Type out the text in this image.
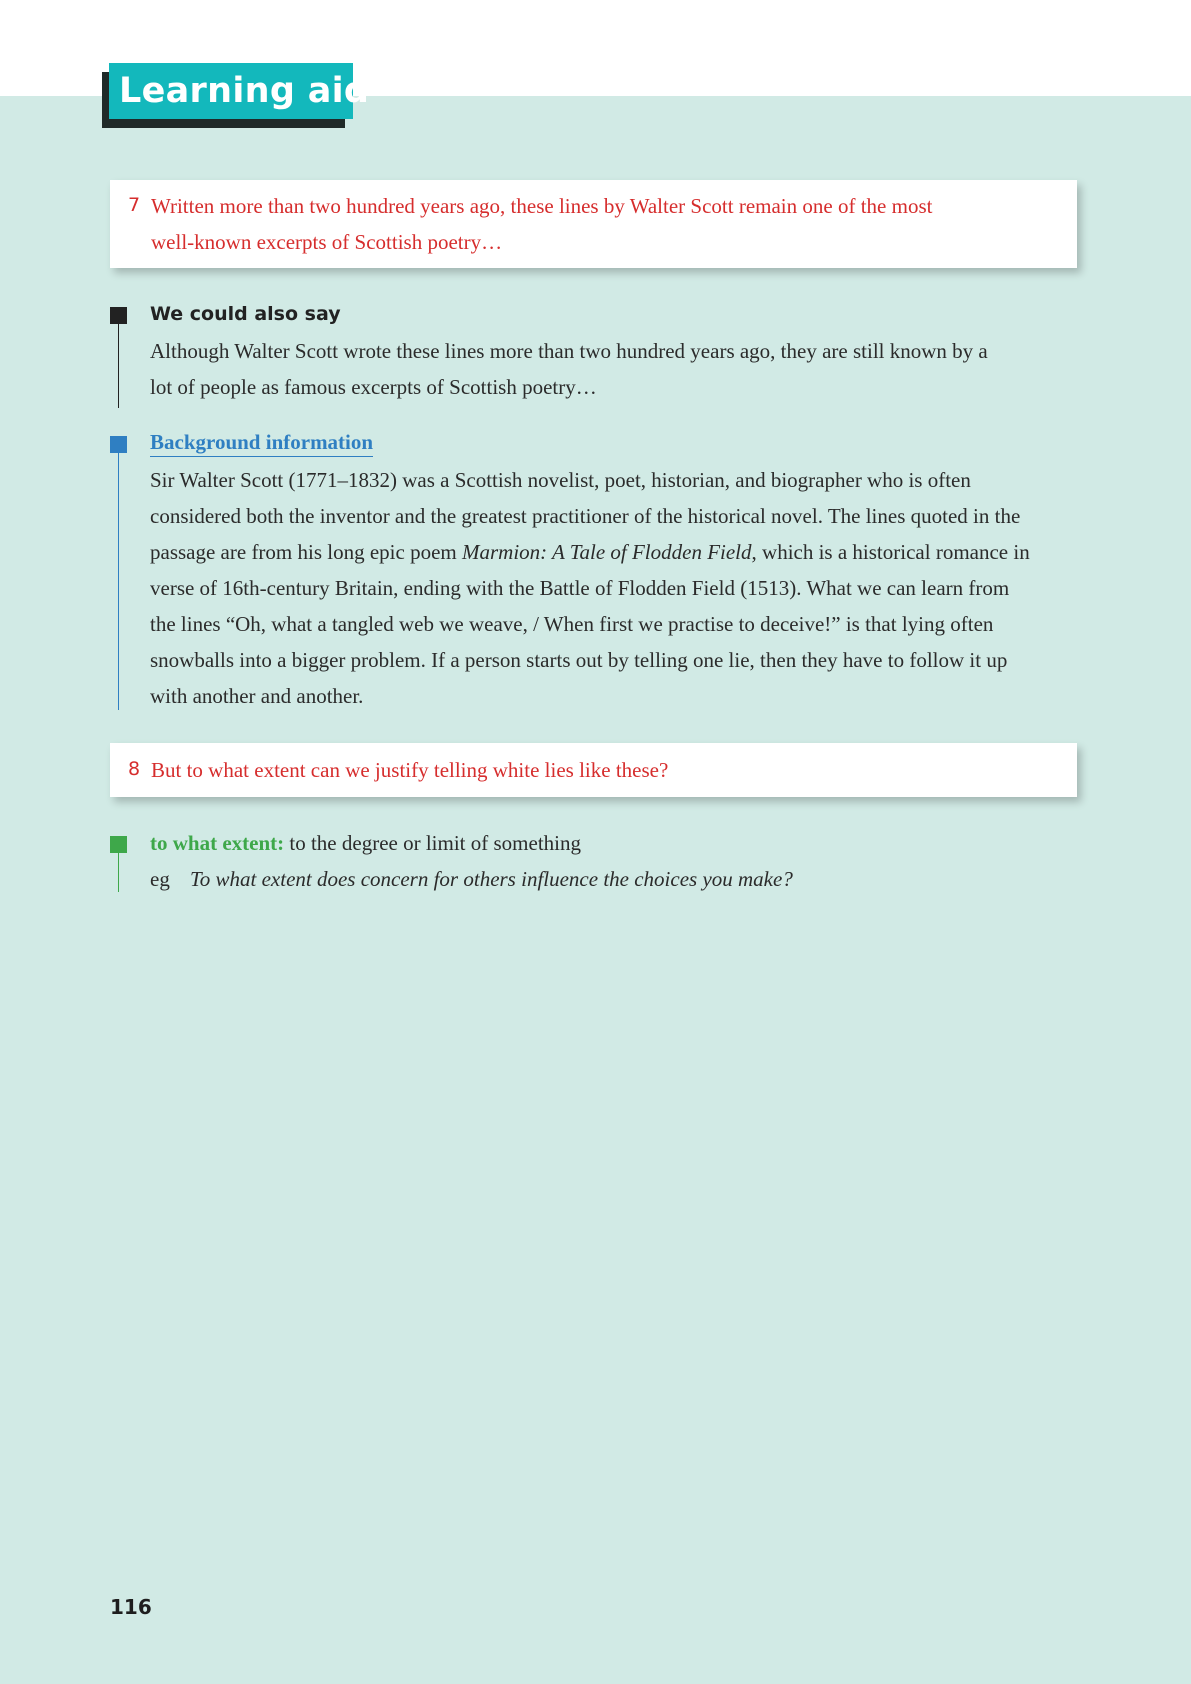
Learning aid
7 Written more than two hundred years ago, these lines by Walter Scott remain one of the most
well-known excerpts of Scottish poetry…
We could also say
Although Walter Scott wrote these lines more than two hundred years ago, they are still known by a
lot of people as famous excerpts of Scottish poetry…
Background information
Sir Walter Scott (1771–1832) was a Scottish novelist, poet, historian, and biographer who is often
considered both the inventor and the greatest practitioner of the historical novel. The lines quoted in the
passage are from his long epic poem Marmion: A Tale of Flodden Field, which is a historical romance in
verse of 16th-century Britain, ending with the Battle of Flodden Field (1513). What we can learn from
the lines “Oh, what a tangled web we weave, / When first we practise to deceive!” is that lying often
snowballs into a bigger problem. If a person starts out by telling one lie, then they have to follow it up
with another and another.
8 But to what extent can we justify telling white lies like these?
to what extent: to the degree or limit of something
eg To what extent does concern for others influence the choices you make?
116
